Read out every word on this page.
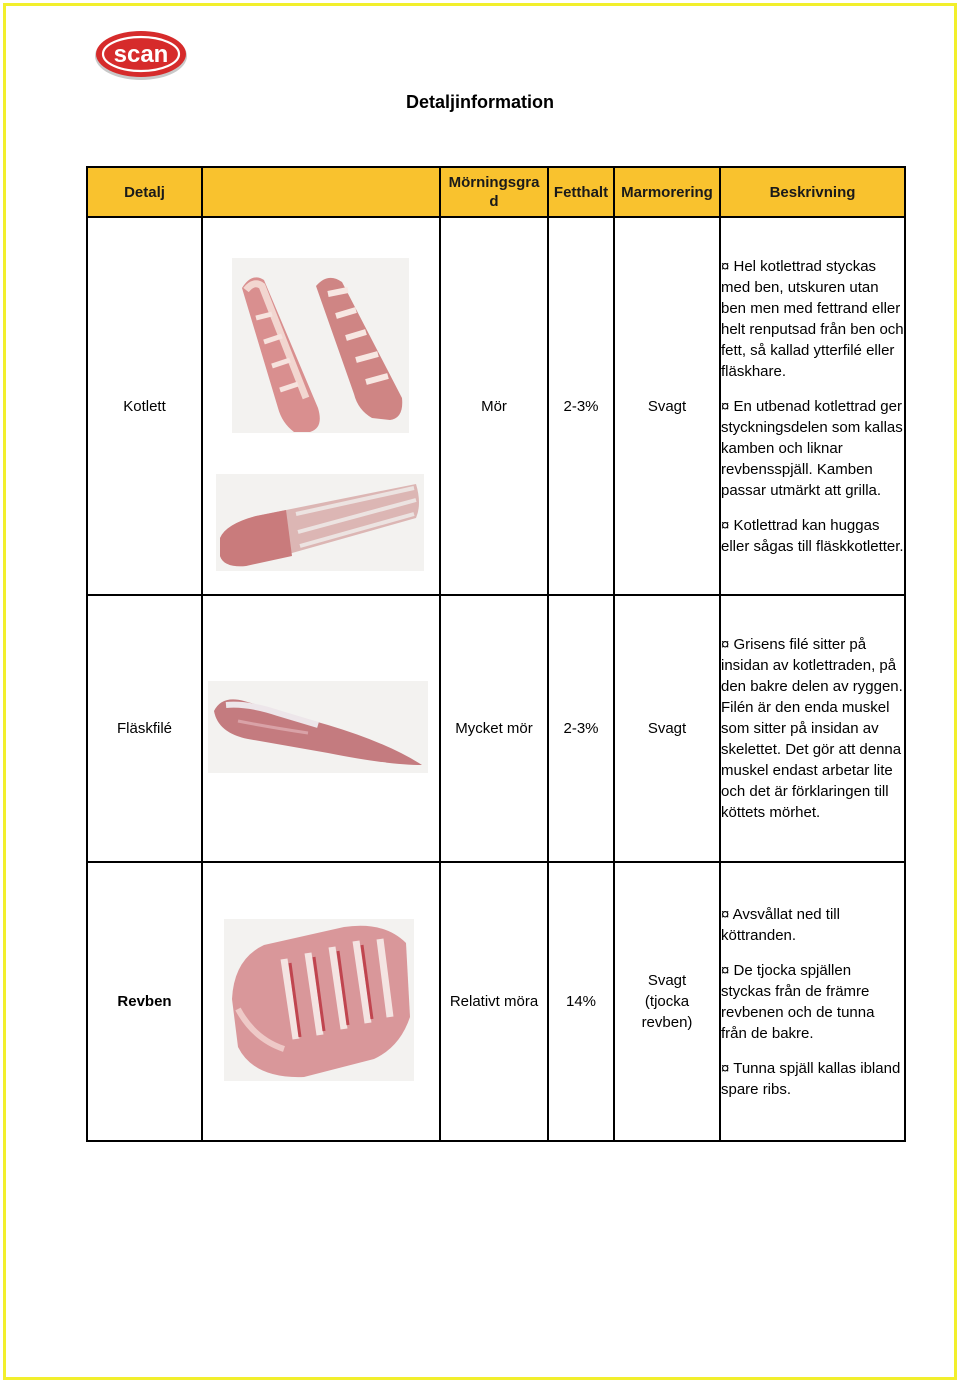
scan
Detaljinformation
Detalj		Mörningsgra d	Fetthalt	Marmorering	Beskrivning
Kotlett		Mör	2-3%	Svagt	¤ Hel kotlettrad styckas med ben, utskuren utan ben men med fettrand eller helt renputsad från ben och fett, så kallad ytterfilé eller fläskhare.
¤ En utbenad kotlettrad ger styckningsdelen som kallas kamben och liknar revbensspjäll. Kamben passar utmärkt att grilla.
¤ Kotlettrad kan huggas eller sågas till fläskkotletter.

Fläskfilé		Mycket mör	2-3%	Svagt	¤ Grisens filé sitter på insidan av kotlettraden, på den bakre delen av ryggen. Filén är den enda muskel som sitter på insidan av skelettet. Det gör att denna muskel endast arbetar lite och det är förklaringen till köttets mörhet.

Revben		Relativt möra	14%	Svagt (tjocka revben)	¤ Avsvållat ned till köttranden.
¤ De tjocka spjällen styckas från de främre revbenen och de tunna från de bakre.
¤ Tunna spjäll kallas ibland spare ribs.
